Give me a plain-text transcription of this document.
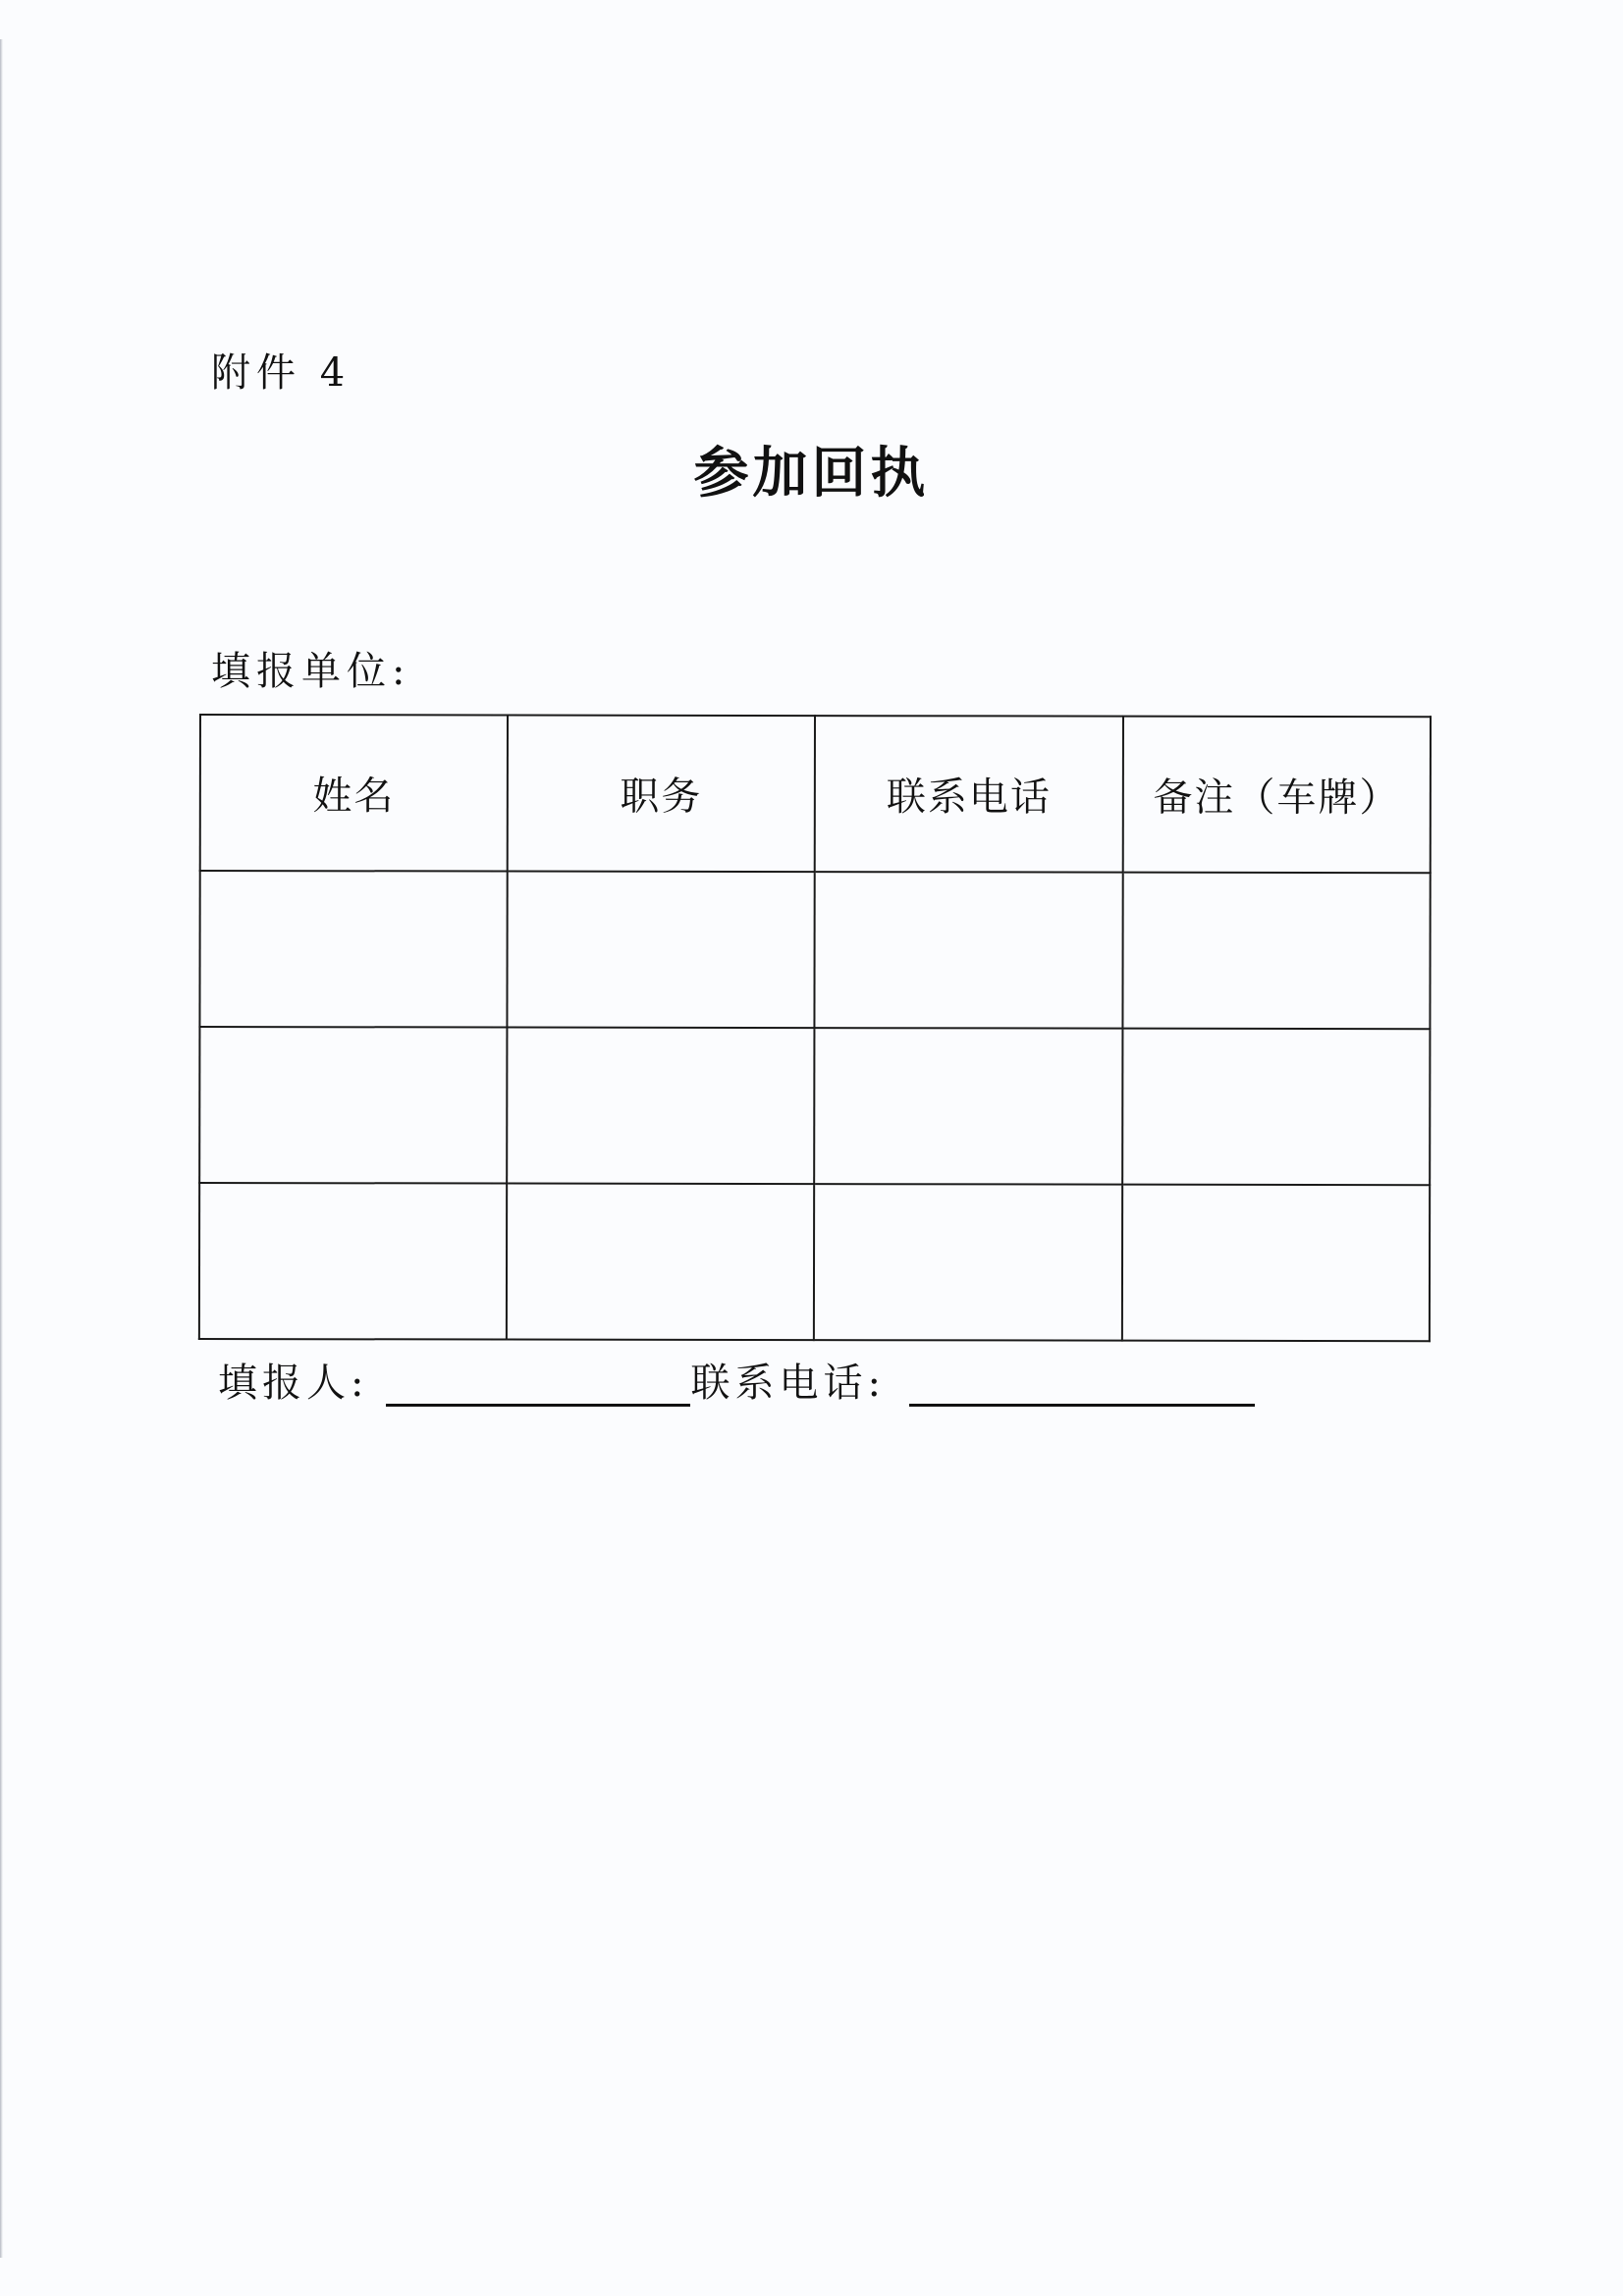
附件 4
参加回执
填报单位:
姓名	职务	联系电话	备注（车牌）

填报人:	联系电话:
